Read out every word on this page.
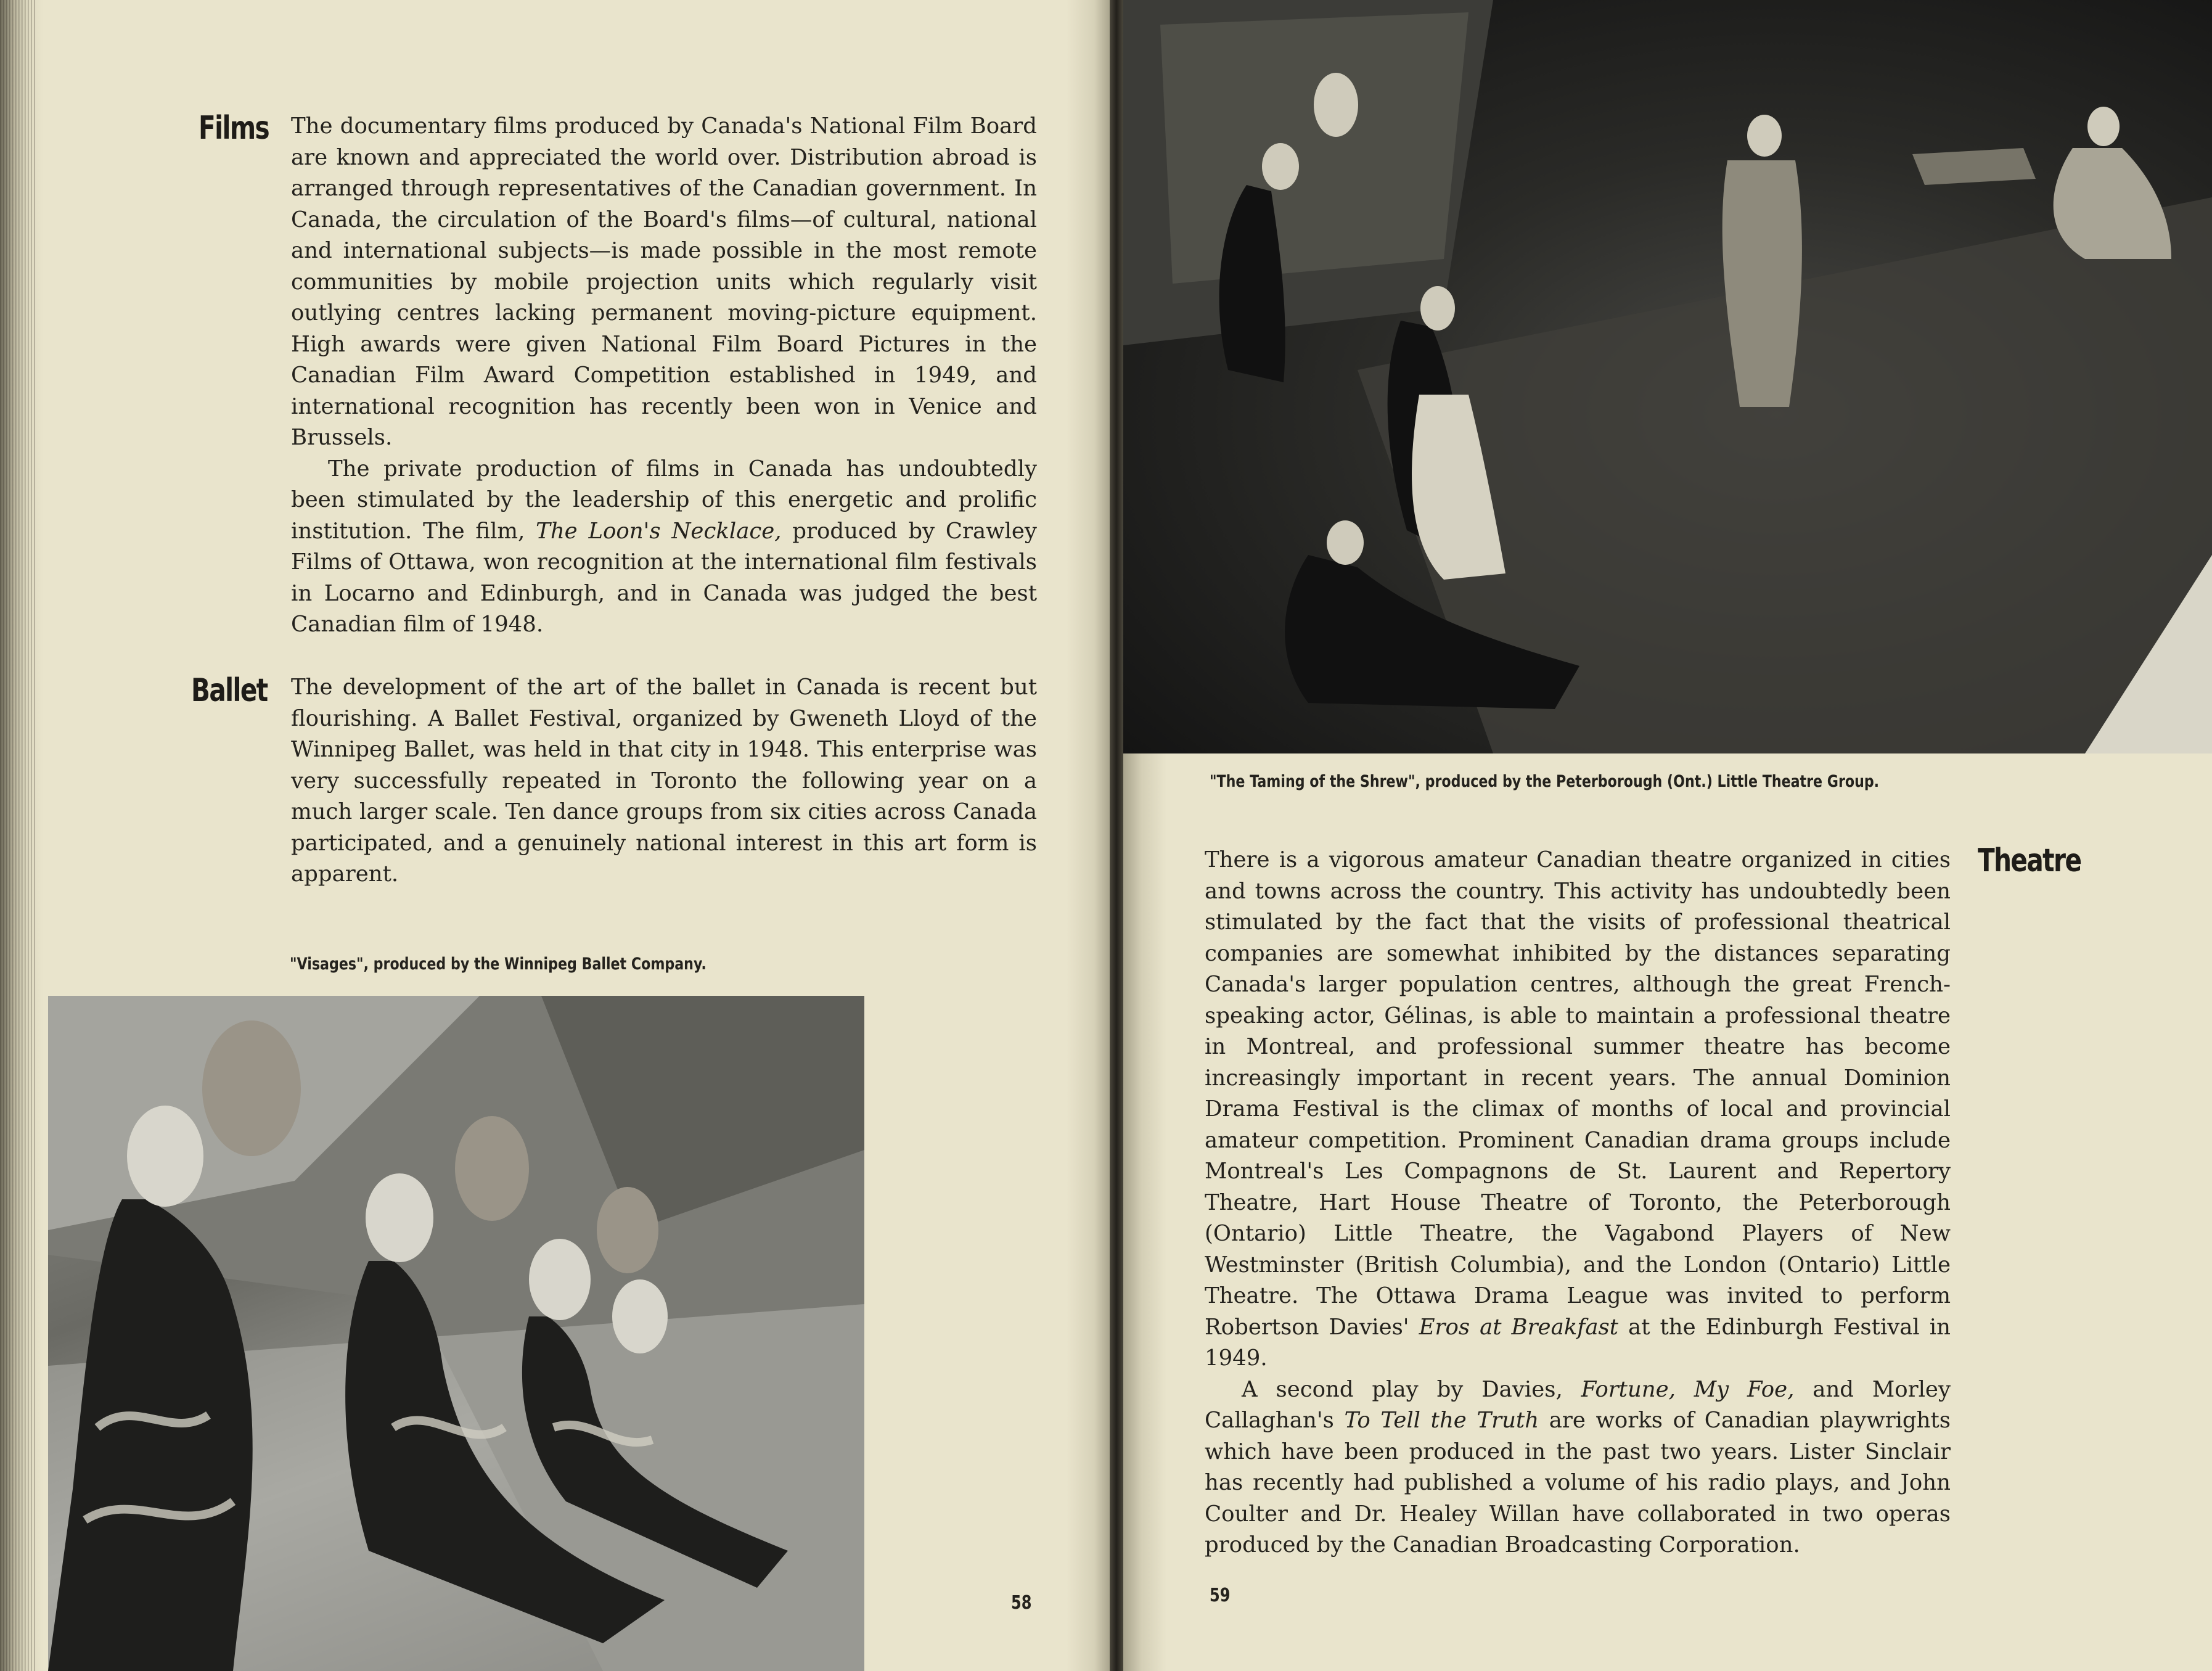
Films The documentary films produced by Canada's National Film Board are known and appreciated the world over. Distribution abroad is arranged through representatives of the Canadian government. In Canada, the circulation of the Board's films—of cultural, national and international subjects—is made possible in the most remote communities by mobile projection units which regularly visit outlying centres lacking permanent moving-picture equipment. High awards were given National Film Board Pictures in the Canadian Film Award Competition established in 1949, and international recognition has recently been won in Venice and Brussels.

The private production of films in Canada has undoubtedly been stimulated by the leadership of this energetic and prolific institution. The film, The Loon's Necklace, produced by Crawley Films of Ottawa, won recognition at the international film festivals in Locarno and Edinburgh, and in Canada was judged the best Canadian film of 1948.

Ballet The development of the art of the ballet in Canada is recent but flourishing. A Ballet Festival, organized by Gweneth Lloyd of the Winnipeg Ballet, was held in that city in 1948. This enterprise was very successfully repeated in Toronto the following year on a much larger scale. Ten dance groups from six cities across Canada participated, and a genuinely national interest in this art form is apparent.

"Visages", produced by the Winnipeg Ballet Company.
58
"The Taming of the Shrew", produced by the Peterborough (Ont.) Little Theatre Group.

There is a vigorous amateur Canadian theatre organized in cities and towns across the country. This activity has undoubtedly been stimulated by the fact that the visits of professional theatrical companies are somewhat inhibited by the distances separating Canada's larger population centres, although the great French-speaking actor, Gélinas, is able to maintain a professional theatre in Montreal, and professional summer theatre has become increasingly important in recent years. The annual Dominion Drama Festival is the climax of months of local and provincial amateur competition. Prominent Canadian drama groups include Montreal's Les Compagnons de St. Laurent and Repertory Theatre, Hart House Theatre of Toronto, the Peterborough (Ontario) Little Theatre, the Vagabond Players of New Westminster (British Columbia), and the London (Ontario) Little Theatre. The Ottawa Drama League was invited to perform Robertson Davies' Eros at Breakfast at the Edinburgh Festival in 1949.

A second play by Davies, Fortune, My Foe, and Morley Callaghan's To Tell the Truth are works of Canadian playwrights which have been produced in the past two years. Lister Sinclair has recently had published a volume of his radio plays, and John Coulter and Dr. Healey Willan have collaborated in two operas produced by the Canadian Broadcasting Corporation.

Theatre
59
